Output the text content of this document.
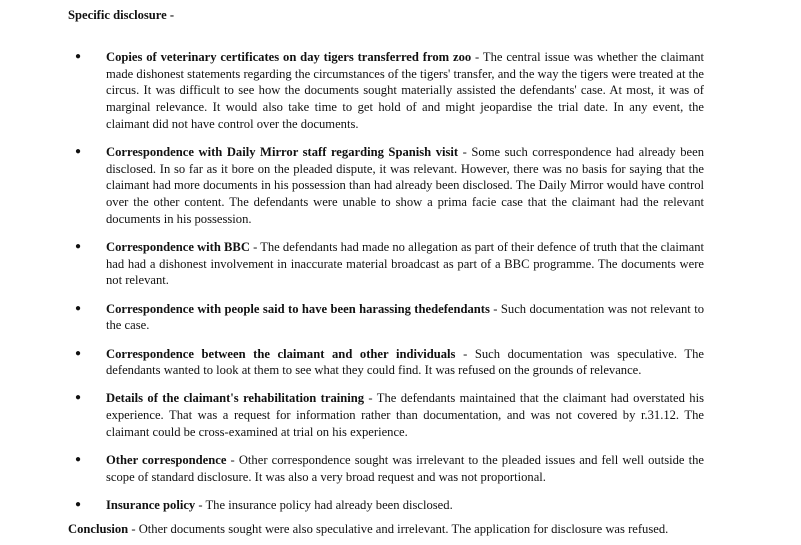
Specific disclosure -

● Copies of veterinary certificates on day tigers transferred from zoo - The central issue was whether the claimant made dishonest statements regarding the circumstances of the tigers' transfer, and the way the tigers were treated at the circus. It was difficult to see how the documents sought materially assisted the defendants' case. At most, it was of marginal relevance. It would also take time to get hold of and might jeopardise the trial date. In any event, the claimant did not have control over the documents.
● Correspondence with Daily Mirror staff regarding Spanish visit - Some such correspondence had already been disclosed. In so far as it bore on the pleaded dispute, it was relevant. However, there was no basis for saying that the claimant had more documents in his possession than had already been disclosed. The Daily Mirror would have control over the other content. The defendants were unable to show a prima facie case that the claimant had the relevant documents in his possession.
● Correspondence with BBC - The defendants had made no allegation as part of their defence of truth that the claimant had had a dishonest involvement in inaccurate material broadcast as part of a BBC programme. The documents were not relevant.
● Correspondence with people said to have been harassing thedefendants - Such documentation was not relevant to the case.
● Correspondence between the claimant and other individuals - Such documentation was speculative. The defendants wanted to look at them to see what they could find. It was refused on the grounds of relevance.
● Details of the claimant's rehabilitation training - The defendants maintained that the claimant had overstated his experience. That was a request for information rather than documentation, and was not covered by r.31.12. The claimant could be cross-examined at trial on his experience.
● Other correspondence - Other correspondence sought was irrelevant to the pleaded issues and fell well outside the scope of standard disclosure. It was also a very broad request and was not proportional.
● Insurance policy - The insurance policy had already been disclosed.

Conclusion - Other documents sought were also speculative and irrelevant. The application for disclosure was refused.
